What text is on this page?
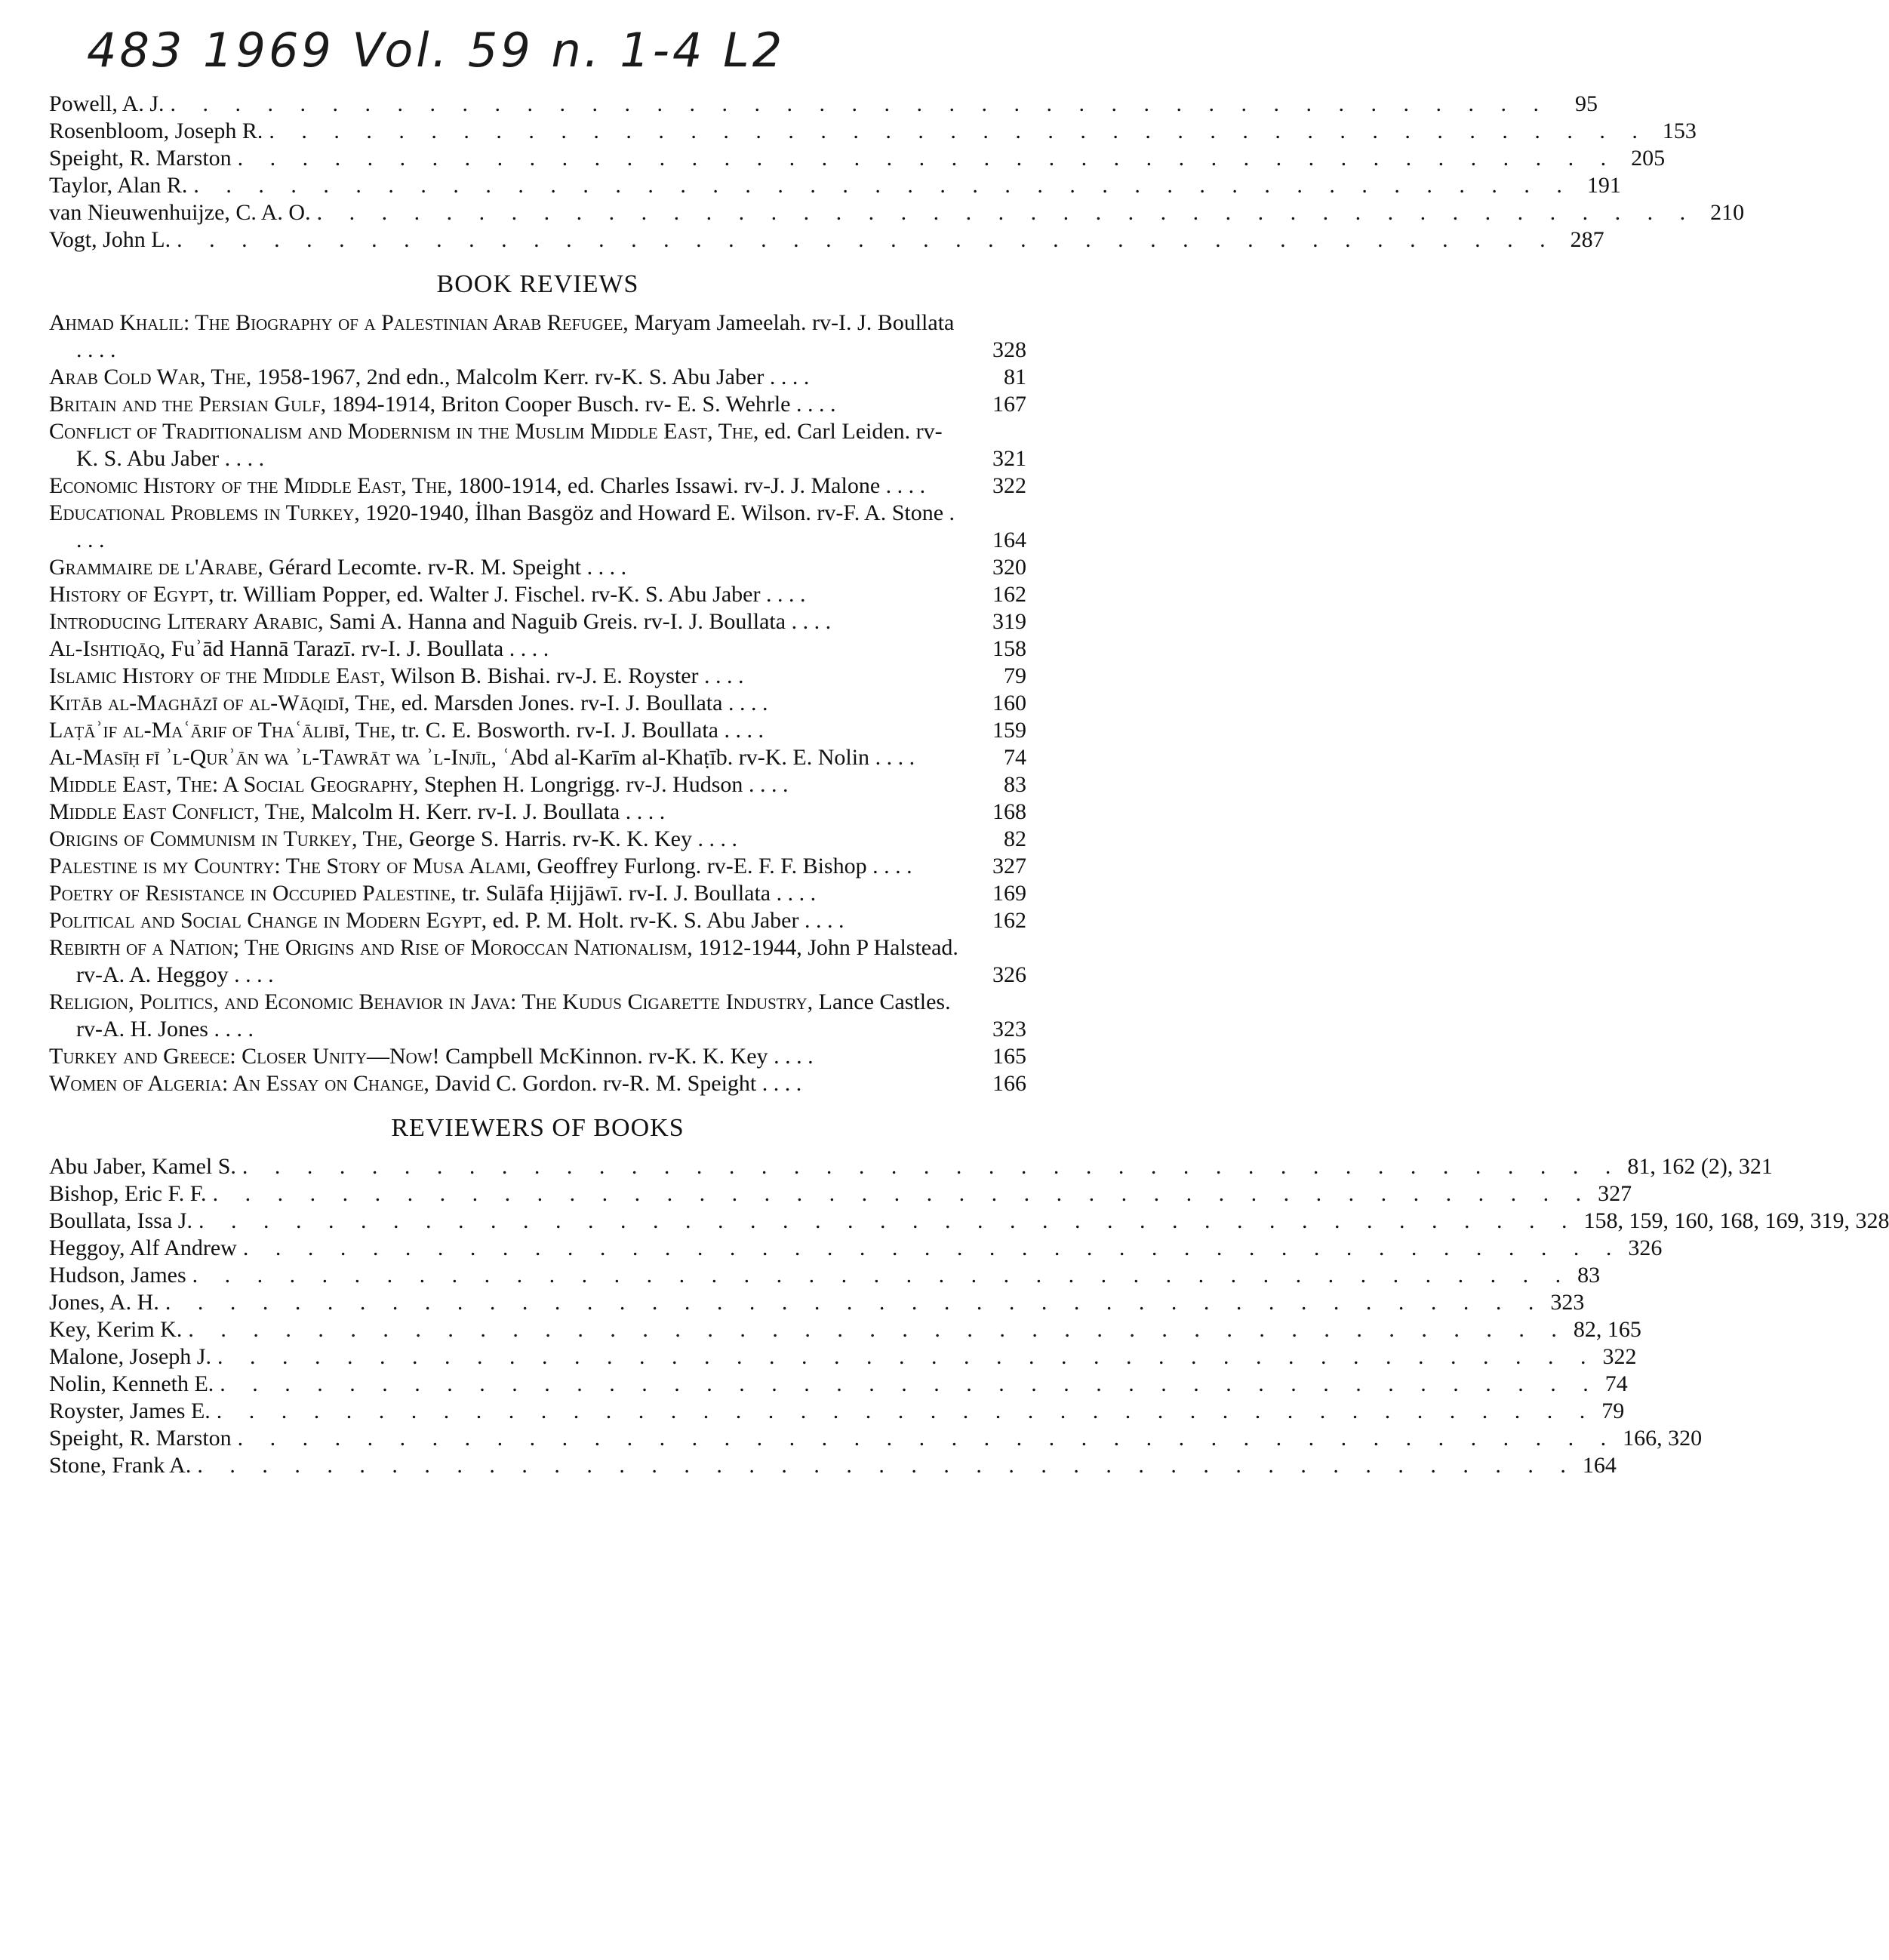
483 1969 Vol. 59 n. 1-4 L2
Powell, A. J. . . . . . . . . . . . . . . . . . . . . . . . . . . . . . . . . . . . . . . . . . . .	95
Rosenbloom, Joseph R. . . . . . . . . . . . . . . . . . . . . . . . . . . . . . . . . . . . . . . . . . . . 153
Speight, R. Marston . . . . . . . . . . . . . . . . . . . . . . . . . . . . . . . . . . . . . . . . . . . 205
Taylor, Alan R. . . . . . . . . . . . . . . . . . . . . . . . . . . . . . . . . . . . . . . . . . . . 191
van Nieuwenhuijze, C. A. O. . . . . . . . . . . . . . . . . . . . . . . . . . . . . . . . . . . . . . . . . . . . 210
Vogt, John L. . . . . . . . . . . . . . . . . . . . . . . . . . . . . . . . . . . . . . . . . . . . 287
BOOK REVIEWS
Ahmad Khalil: The Biography of a Palestinian Arab Refugee, Maryam Jameelah. rv-I. J. Boullata . . . .	328
Arab Cold War, The, 1958-1967, 2nd edn., Malcolm Kerr. rv-K. S. Abu Jaber . . . .	81
Britain and the Persian Gulf, 1894-1914, Briton Cooper Busch. rv- E. S. Wehrle . . . .	167
Conflict of Traditionalism and Modernism in the Muslim Middle East, The, ed. Carl Leiden. rv-K. S. Abu Jaber . . . .	321
Economic History of the Middle East, The, 1800-1914, ed. Charles Issawi. rv-J. J. Malone . . . .	322
Educational Problems in Turkey, 1920-1940, İlhan Basgöz and Howard E. Wilson. rv-F. A. Stone . . . .	164
Grammaire de l'Arabe, Gérard Lecomte. rv-R. M. Speight . . . .	320
History of Egypt, tr. William Popper, ed. Walter J. Fischel. rv-K. S. Abu Jaber . . . .	162
Introducing Literary Arabic, Sami A. Hanna and Naguib Greis. rv-I. J. Boullata . . . .	319
Al-Ishtiqāq, Fuʾād Hannā Tarazī. rv-I. J. Boullata . . . .	158
Islamic History of the Middle East, Wilson B. Bishai. rv-J. E. Royster . . . .	79
Kitāb al-Maghāzī of al-Wāqidī, The, ed. Marsden Jones. rv-I. J. Boullata . . . .	160
Laṭāʾif al-Maʿārif of Thaʿālibī, The, tr. C. E. Bosworth. rv-I. J. Boullata . . . .	159
Al-Masīḥ fī ʾl-Qurʾān wa ʾl-Tawrāt wa ʾl-Injīl, ʿAbd al-Karīm al-Khaṭīb. rv-K. E. Nolin . . . .	74
Middle East, The: A Social Geography, Stephen H. Longrigg. rv-J. Hudson . . . .	83
Middle East Conflict, The, Malcolm H. Kerr. rv-I. J. Boullata . . . .	168
Origins of Communism in Turkey, The, George S. Harris. rv-K. K. Key . . . .	82
Palestine is my Country: The Story of Musa Alami, Geoffrey Furlong. rv-E. F. F. Bishop . . . .	327
Poetry of Resistance in Occupied Palestine, tr. Sulāfa Ḥijjāwī. rv-I. J. Boullata . . . .	169
Political and Social Change in Modern Egypt, ed. P. M. Holt. rv-K. S. Abu Jaber . . . .	162
Rebirth of a Nation; The Origins and Rise of Moroccan Nationalism, 1912-1944, John P Halstead. rv-A. A. Heggoy . . . .	326
Religion, Politics, and Economic Behavior in Java: The Kudus Cigarette Industry, Lance Castles. rv-A. H. Jones . . . .	323
Turkey and Greece: Closer Unity—Now! Campbell McKinnon. rv-K. K. Key . . . .	165
Women of Algeria: An Essay on Change, David C. Gordon. rv-R. M. Speight . . . .	166
REVIEWERS OF BOOKS
Abu Jaber, Kamel S. . . . . . . . . . . . . . . . . . . . . . . . . . . . . . . . . . . . . . . . . . . . 81, 162 (2), 321
Bishop, Eric F. F. . . . . . . . . . . . . . . . . . . . . . . . . . . . . . . . . . . . . . . . . . . . 327
Boullata, Issa J. . . . . . . . . . . . . . . . . . . . . . . . . . . . . . . . . . . . . . . . . . . . 158, 159, 160, 168, 169, 319, 328
Heggoy, Alf Andrew . . . . . . . . . . . . . . . . . . . . . . . . . . . . . . . . . . . . . . . . . . . 326
Hudson, James . . . . . . . . . . . . . . . . . . . . . . . . . . . . . . . . . . . . . . . . . . . 83
Jones, A. H. . . . . . . . . . . . . . . . . . . . . . . . . . . . . . . . . . . . . . . . . . . . 323
Key, Kerim K. . . . . . . . . . . . . . . . . . . . . . . . . . . . . . . . . . . . . . . . . . . . 82, 165
Malone, Joseph J. . . . . . . . . . . . . . . . . . . . . . . . . . . . . . . . . . . . . . . . . . . . 322
Nolin, Kenneth E. . . . . . . . . . . . . . . . . . . . . . . . . . . . . . . . . . . . . . . . . . . . 74
Royster, James E. . . . . . . . . . . . . . . . . . . . . . . . . . . . . . . . . . . . . . . . . . . . 79
Speight, R. Marston . . . . . . . . . . . . . . . . . . . . . . . . . . . . . . . . . . . . . . . . . . . 166, 320
Stone, Frank A. . . . . . . . . . . . . . . . . . . . . . . . . . . . . . . . . . . . . . . . . . . . 164
